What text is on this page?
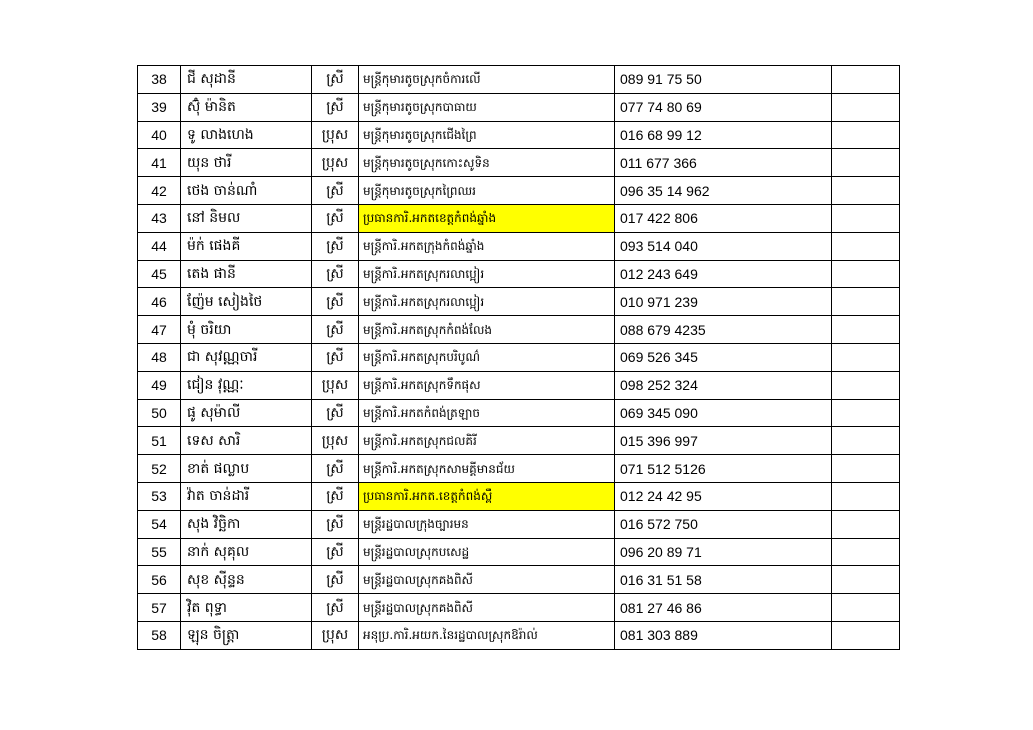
38	ជី សុដានី	ស្រី	មន្ត្រីកុមារតូចស្រុកចំការលើ	089 91 75 50	
39	ស៊ុំ ម៉ានិត	ស្រី	មន្ត្រីកុមារតូចស្រុកបាធាយ	077 74 80 69	
40	ទូ លាងហេង	ប្រុស	មន្ត្រីកុមារតូចស្រុកជើងព្រៃ	016 68 99 12	
41	យុន ថារី	ប្រុស	មន្ត្រីកុមារតូចស្រុកកោះសូទិន	011 677 366	
42	ថេង ចាន់ណាំ	ស្រី	មន្ត្រីកុមារតូចស្រុកព្រៃឈរ	096 35 14 962	
43	នៅ និមល	ស្រី	ប្រធានការិ.អកតខេត្តកំពង់ឆ្នាំង	017 422 806	
44	ម៉ក់ ផេងគី	ស្រី	មន្ត្រីការិ.អកតក្រុងកំពង់ឆ្នាំង	093 514 040	
45	តេង ផានី	ស្រី	មន្ត្រីការិ.អកតស្រុករលាប្អៀរ	012 243 649	
46	ញ៉ែម សៀងថៃ	ស្រី	មន្ត្រីការិ.អកតស្រុករលាប្អៀរ	010 971 239	
47	មុំ ចរិយា	ស្រី	មន្ត្រីការិ.អកតស្រុកកំពង់លែង	088 679 4235	
48	ជា សុវណ្ណចារី	ស្រី	មន្ត្រីការិ.អកតស្រុកបរិបូណ៌	069 526 345	
49	ជៀន វុណ្ណៈ	ប្រុស	មន្ត្រីការិ.អកតស្រុកទឹកផុស	098 252 324	
50	ផូ សុម៉ាលី	ស្រី	មន្ត្រីការិ.អកតកំពង់ត្រឡាច	069 345 090	
51	ទេស សារិ	ប្រុស	មន្ត្រីការិ.អកតស្រុកជលគិរី	015 396 997	
52	ខាត់ ផល្លាប	ស្រី	មន្ត្រីការិ.អកតស្រុកសាមគ្គីមានជ័យ	071 512 5126	
53	វ៉ាត ចាន់ដារី	ស្រី	ប្រធានការិ.អកត.ខេត្តកំពង់ស្ពឺ	012 24 42 95	
54	សុង វិច្ឆិកា	ស្រី	មន្ត្រីរដ្ឋបាលក្រុងច្បារមន	016 572 750	
55	នាក់ សុគុល	ស្រី	មន្ត្រីរដ្ឋបាលស្រុកបសេដ្ឋ	096 20 89 71	
56	សុខ ស៊ីន្ទន	ស្រី	មន្ត្រីរដ្ឋបាលស្រុកគងពិសី	016 31 51 58	
57	វ៉ិត ពុទ្ធា	ស្រី	មន្ត្រីរដ្ឋបាលស្រុកគងពិសី	081 27 46 86	
58	ឡុន ចិត្រ្តា	ប្រុស	អនុប្រ.ការិ.អយក.នៃរដ្ឋបាលស្រុកឱរ៉ាល់	081 303 889	
